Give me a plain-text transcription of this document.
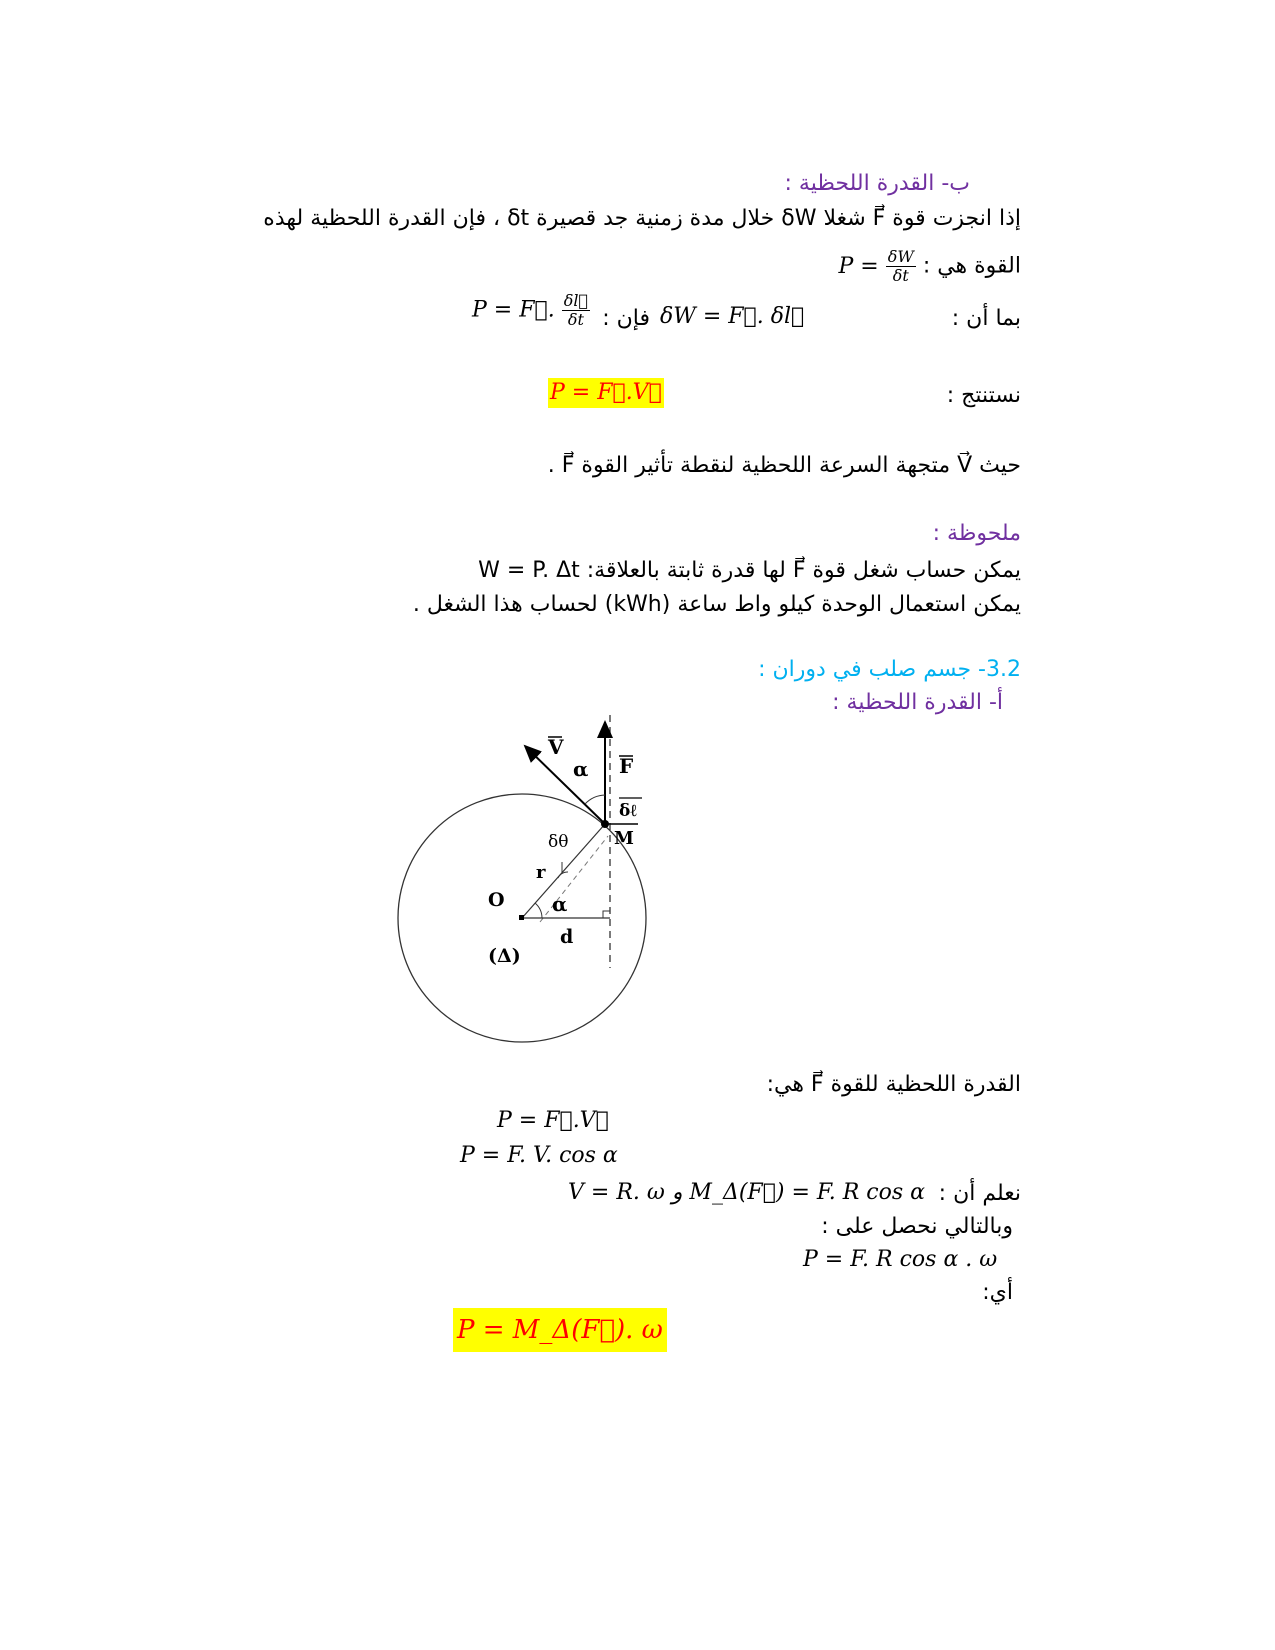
ب- القدرة اللحظية :
إذا انجزت قوة F⃗ شغلا δW خلال مدة زمنية جد قصيرة δt ، فإن القدرة اللحظية لهذه
القوة هي : $P = \frac{\delta W}{\delta t}$
بما أن :
δW = F⃗. δl⃗
فإن :
P = F⃗. $\frac{\delta l⃗}{\delta t}$
نستنتج :
P = F⃗.V⃗
حيث V⃗ متجهة السرعة اللحظية لنقطة تأثير القوة F⃗ .
ملحوظة :
يمكن حساب شغل قوة F⃗ لها قدرة ثابتة بالعلاقة: W = P. Δt
يمكن استعمال الوحدة كيلو واط ساعة (kWh) لحساب هذا الشغل .
3.2- جسم صلب في دوران :
أ- القدرة اللحظية :
V
F
α
δℓ
M
δθ
r
O α
d
(Δ)
القدرة اللحظية للقوة F⃗ هي:
P = F⃗.V⃗
P = F. V. cos α
نعلم أن :
V = R. ω و M_Δ(F⃗) = F. R cos α
وبالتالي نحصل على :
P = F. R cos α . ω
أي:
P = M_Δ(F⃗). ω
